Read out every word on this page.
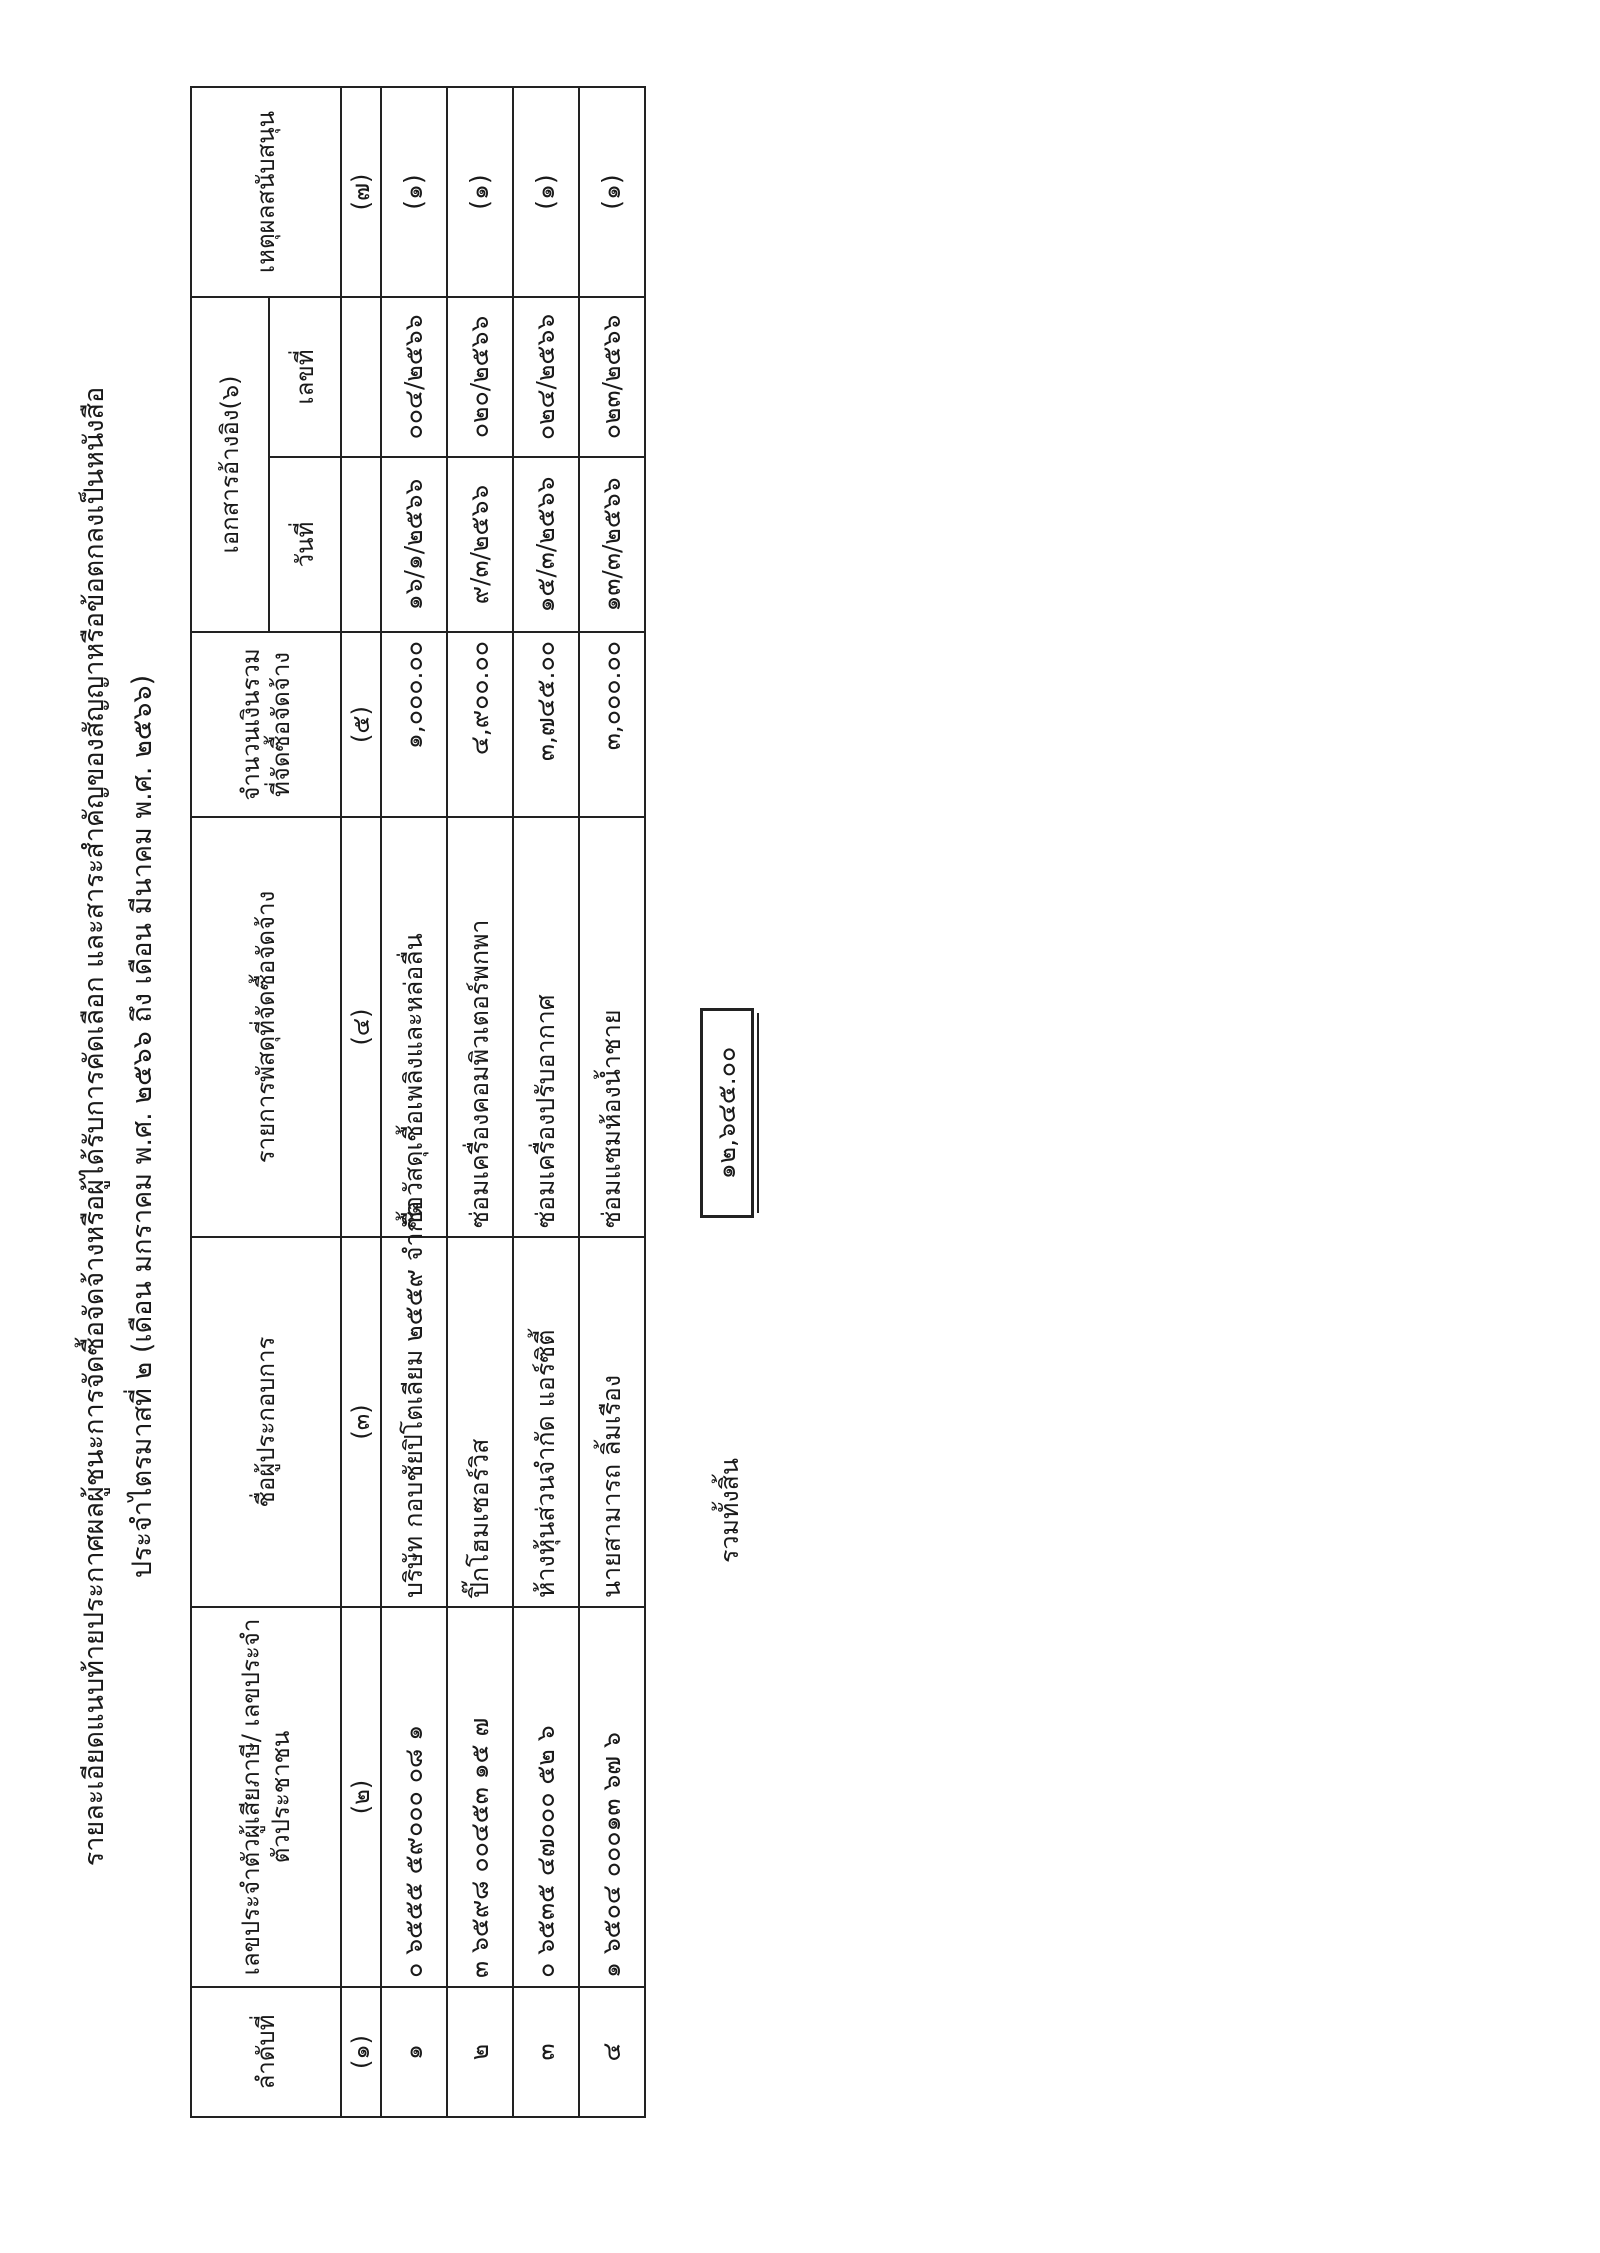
รายละเอียดแนบท้ายประกาศผลผู้ชนะการจัดซื้อจัดจ้างหรือผู้ได้รับการคัดเลือก และสาระสำคัญของสัญญาหรือข้อตกลงเป็นหนังสือ ประจำไตรมาสที่ ๒ (เดือน มกราคม พ.ศ. ๒๕๖๖ ถึง เดือน มีนาคม พ.ศ. ๒๕๖๖)
ลำดับที่	เลขประจำตัวผู้เสียภาษี/ เลขประจำตัวประชาชน	ชื่อผู้ประกอบการ	รายการพัสดุที่จัดซื้อจัดจ้าง	จำนวนเงินรวมที่จัดซื้อจัดจ้าง	เอกสารอ้างอิง(๖)		เหตุผลสนับสนุน
					วันที่	เลขที่	
(๑)	(๒)	(๓)	(๔)	(๕)			(๗)
๑	๐ ๖๕๕๕ ๕๙๐๐๐ ๐๘ ๑	บริษัท กอบชัยปิโตเลียม ๒๕๕๙ จำกัด	ซื้อวัสดุเชื้อเพลิงและหล่อลื่น	๑,๐๐๐.๐๐	๑๖/๑/๒๕๖๖	๐๐๔/๒๕๖๖	(๑)
๒	๓ ๖๕๙๘ ๐๐๔๕๓ ๑๕ ๗	ปิ๊กโฮมเซอร์วิส	ซ่อมเครื่องคอมพิวเตอร์พกพา	๔,๙๐๐.๐๐	๙/๓/๒๕๖๖	๐๒๐/๒๕๖๖	(๑)
๓	๐ ๖๕๓๕ ๔๗๐๐๐ ๕๒ ๖	ห้างหุ้นส่วนจำกัด แอร์ซิตี้	ซ่อมเครื่องปรับอากาศ	๓,๗๔๕.๐๐	๑๕/๓/๒๕๖๖	๐๒๔/๒๕๖๖	(๑)
๔	๑ ๖๕๐๔ ๐๐๐๑๓ ๖๗ ๖	นายสามารถ ลิ้มเรือง	ซ่อมแซมห้องน้ำชาย	๓,๐๐๐.๐๐	๑๓/๓/๒๕๖๖	๐๒๓/๒๕๖๖	(๑)
รวมทั้งสิ้น
๑๒,๖๔๕.๐๐
